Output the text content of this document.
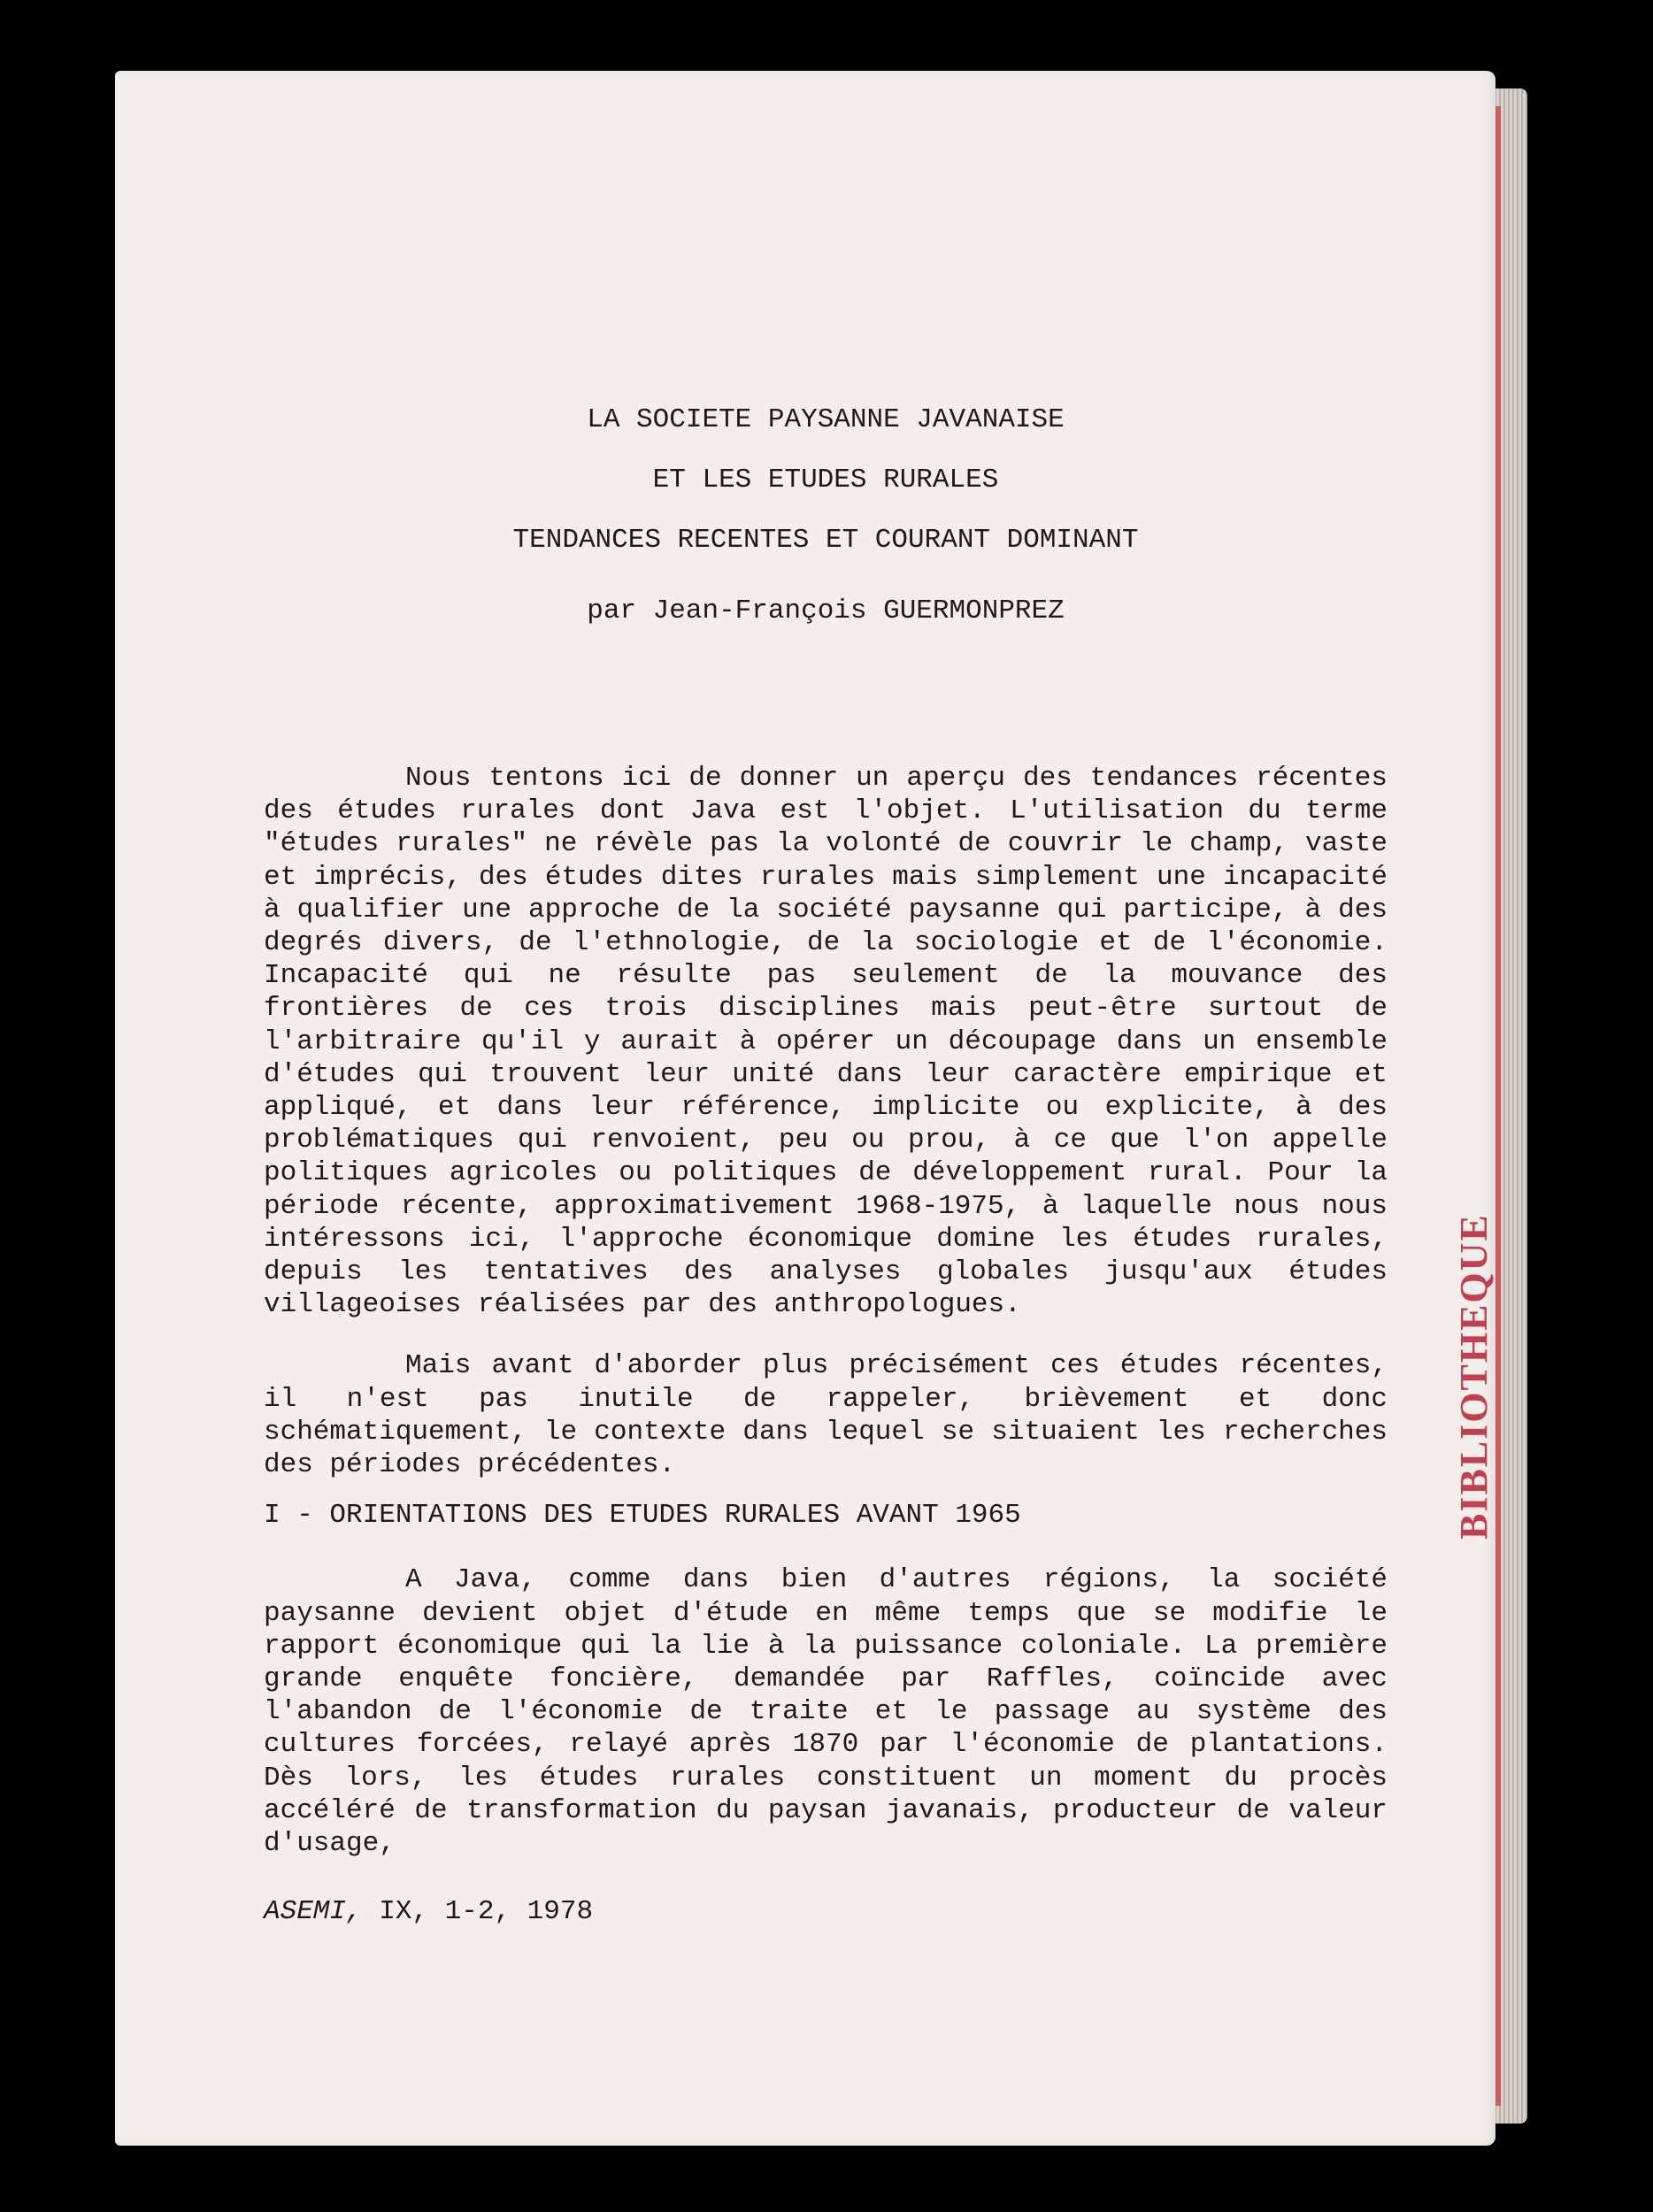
BIBLIOTHEQUE

LA SOCIETE PAYSANNE JAVANAISE

ET LES ETUDES RURALES

TENDANCES RECENTES ET COURANT DOMINANT

par Jean-François GUERMONPREZ

Nous tentons ici de donner un aperçu des tendances récentes des études rurales dont Java est l'objet. L'utilisation du terme "études rurales" ne révèle pas la volonté de couvrir le champ, vaste et imprécis, des études dites rurales mais simplement une incapacité à qualifier une approche de la société paysanne qui participe, à des degrés divers, de l'ethnologie, de la sociologie et de l'économie. Incapacité qui ne résulte pas seulement de la mouvance des frontières de ces trois disciplines mais peut-être surtout de l'arbitraire qu'il y aurait à opérer un découpage dans un ensemble d'études qui trouvent leur unité dans leur caractère empirique et appliqué, et dans leur référence, implicite ou explicite, à des problématiques qui renvoient, peu ou prou, à ce que l'on appelle politiques agricoles ou politiques de développement rural. Pour la période récente, approximativement 1968-1975, à laquelle nous nous intéressons ici, l'approche économique domine les études rurales, depuis les tentatives des analyses globales jusqu'aux études villageoises réalisées par des anthropologues.

Mais avant d'aborder plus précisément ces études récentes, il n'est pas inutile de rappeler, brièvement et donc schématiquement, le contexte dans lequel se situaient les recherches des périodes précédentes.

I - ORIENTATIONS DES ETUDES RURALES AVANT 1965

A Java, comme dans bien d'autres régions, la société paysanne devient objet d'étude en même temps que se modifie le rapport économique qui la lie à la puissance coloniale. La première grande enquête foncière, demandée par Raffles, coïncide avec l'abandon de l'économie de traite et le passage au système des cultures forcées, relayé après 1870 par l'économie de plantations. Dès lors, les études rurales constituent un moment du procès accéléré de transformation du paysan javanais, producteur de valeur d'usage,

ASEMI, IX, 1-2, 1978
